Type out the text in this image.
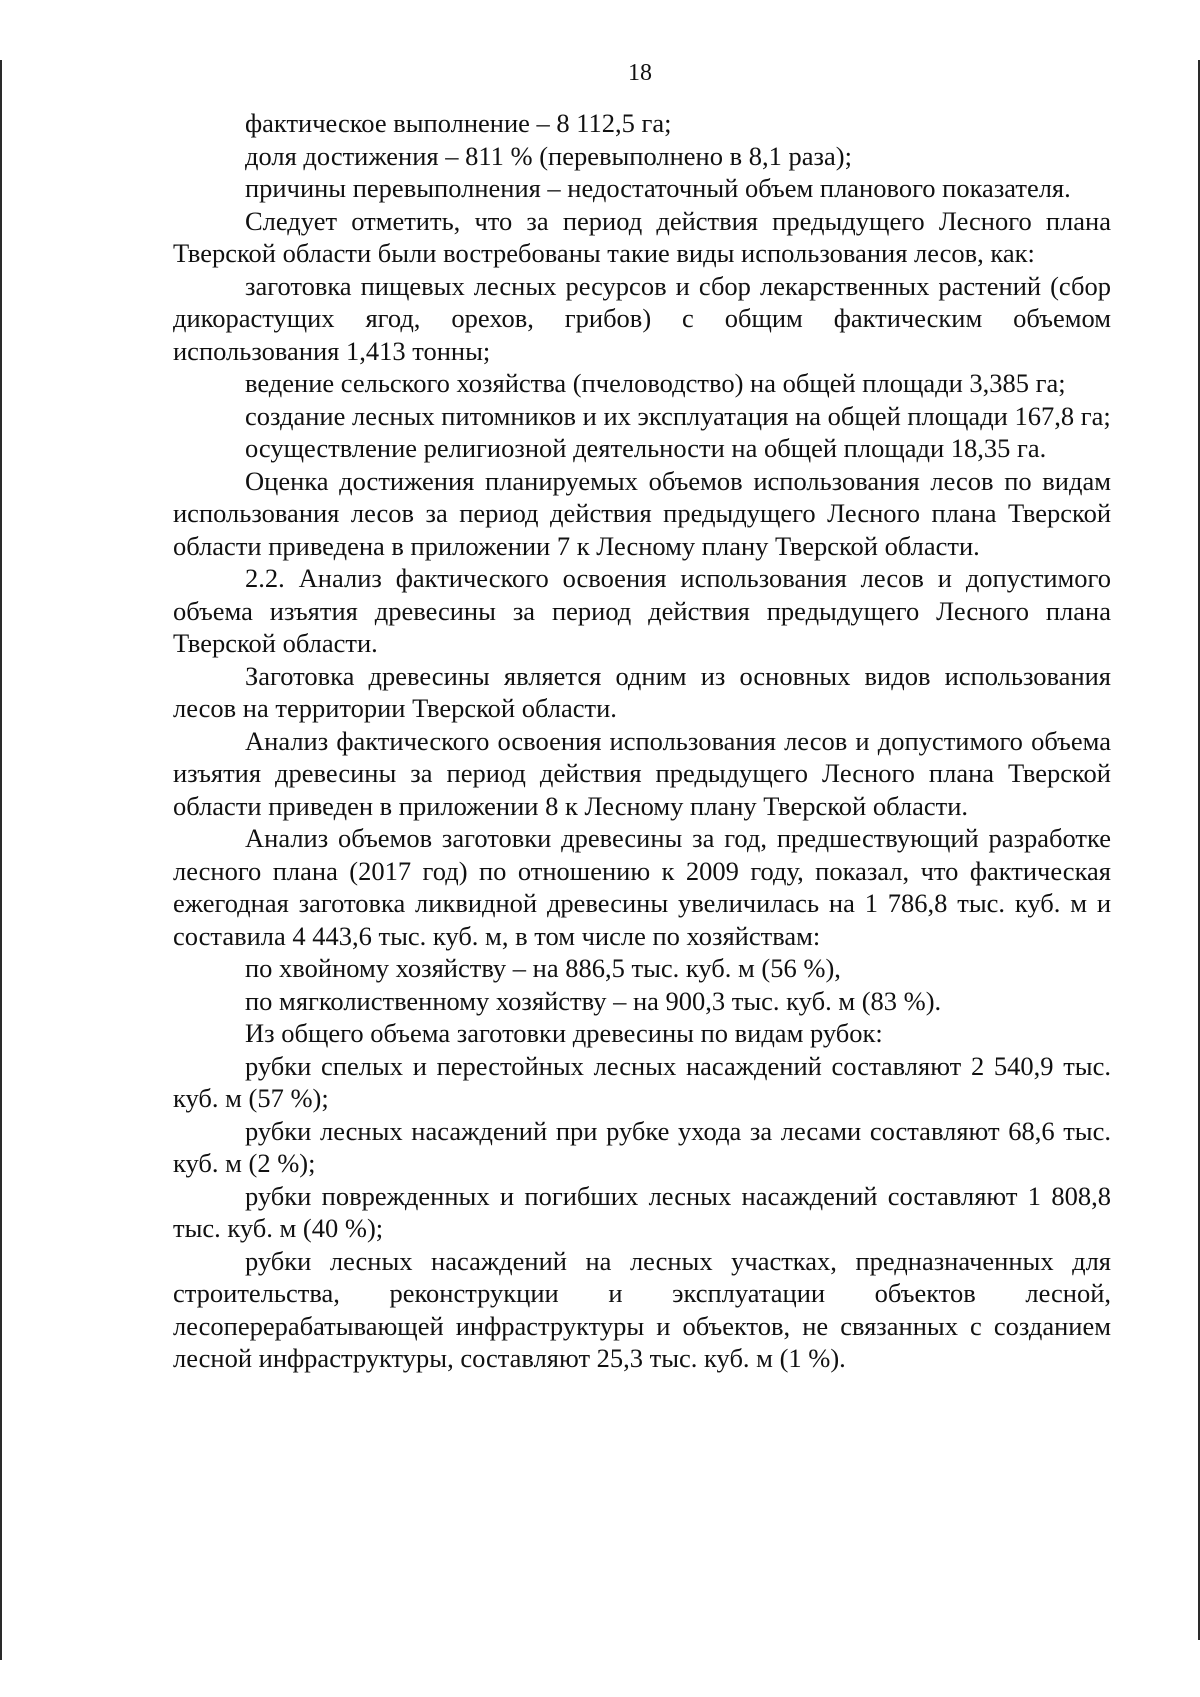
18

фактическое выполнение – 8 112,5 га;

доля достижения – 811 % (перевыполнено в 8,1 раза);

причины перевыполнения – недостаточный объем планового показателя.

Следует отметить, что за период действия предыдущего Лесного плана Тверской области были востребованы такие виды использования лесов, как:

заготовка пищевых лесных ресурсов и сбор лекарственных растений (сбор дикорастущих ягод, орехов, грибов) с общим фактическим объемом использования 1,413 тонны;

ведение сельского хозяйства (пчеловодство) на общей площади 3,385 га;

создание лесных питомников и их эксплуатация на общей площади 167,8 га;

осуществление религиозной деятельности на общей площади 18,35 га.

Оценка достижения планируемых объемов использования лесов по видам использования лесов за период действия предыдущего Лесного плана Тверской области приведена в приложении 7 к Лесному плану Тверской области.

2.2. Анализ фактического освоения использования лесов и допустимого объема изъятия древесины за период действия предыдущего Лесного плана Тверской области.

Заготовка древесины является одним из основных видов использования лесов на территории Тверской области.

Анализ фактического освоения использования лесов и допустимого объема изъятия древесины за период действия предыдущего Лесного плана Тверской области приведен в приложении 8 к Лесному плану Тверской области.

Анализ объемов заготовки древесины за год, предшествующий разработке лесного плана (2017 год) по отношению к 2009 году, показал, что фактическая ежегодная заготовка ликвидной древесины увеличилась на 1 786,8 тыс. куб. м и составила 4 443,6 тыс. куб. м, в том числе по хозяйствам:

по хвойному хозяйству – на 886,5 тыс. куб. м (56 %),

по мягколиственному хозяйству – на 900,3 тыс. куб. м (83 %).

Из общего объема заготовки древесины по видам рубок:

рубки спелых и перестойных лесных насаждений составляют 2 540,9 тыс. куб. м (57 %);

рубки лесных насаждений при рубке ухода за лесами составляют 68,6 тыс. куб. м (2 %);

рубки поврежденных и погибших лесных насаждений составляют 1 808,8 тыс. куб. м (40 %);

рубки лесных насаждений на лесных участках, предназначенных для строительства, реконструкции и эксплуатации объектов лесной, лесоперерабатывающей инфраструктуры и объектов, не связанных с созданием лесной инфраструктуры, составляют 25,3 тыс. куб. м (1 %).
